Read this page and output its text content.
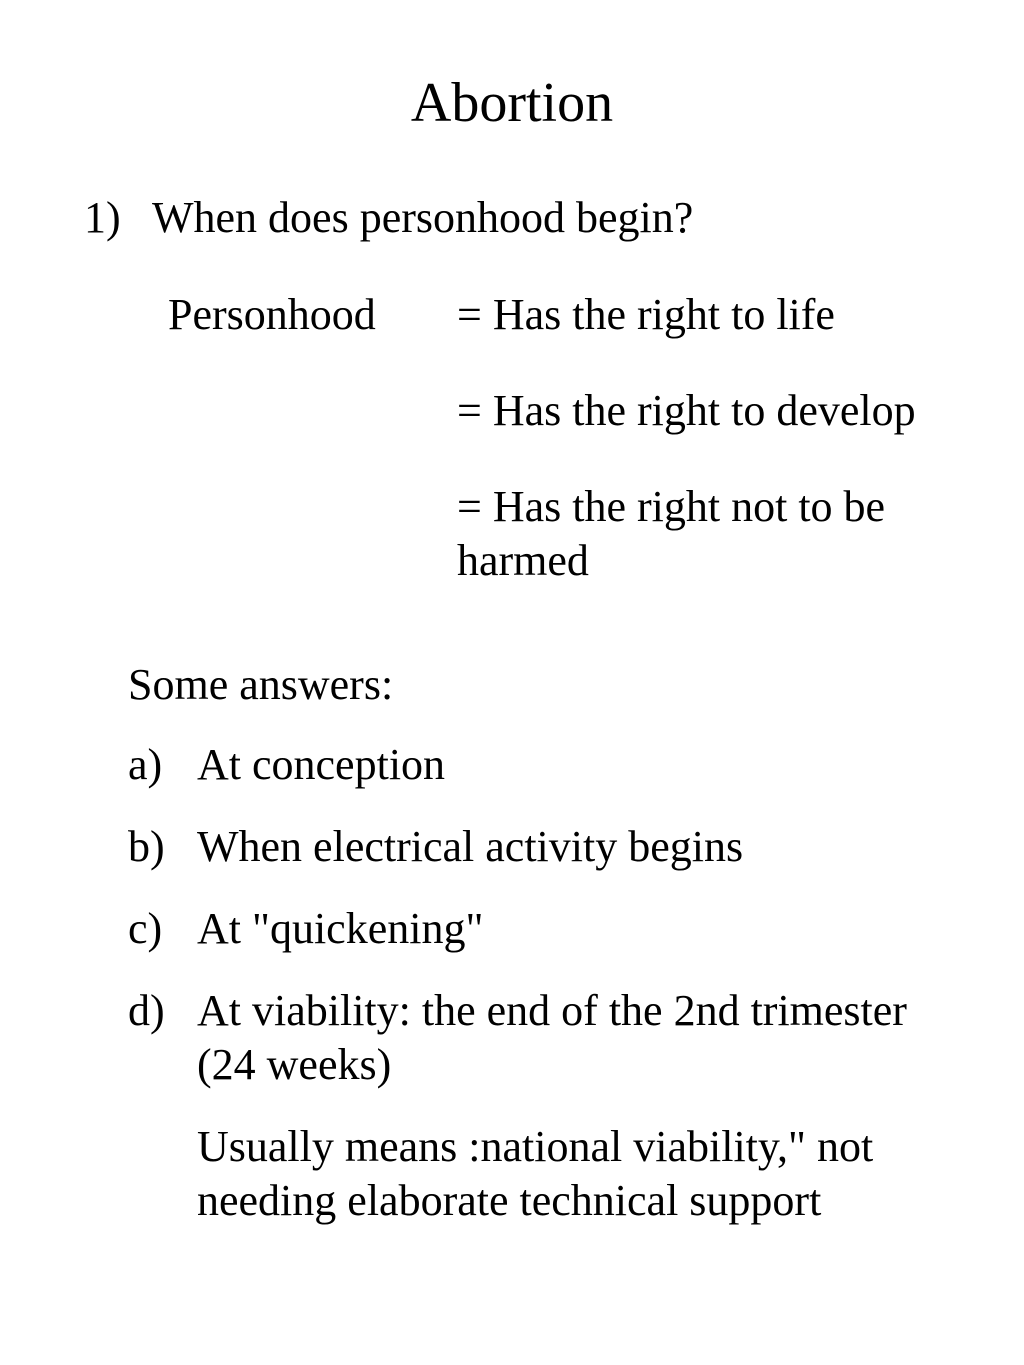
Abortion
1) When does personhood begin?
Personhood = Has the right to life
= Has the right to develop
= Has the right not to be
harmed
Some answers:
a) At conception
b) When electrical activity begins
c) At "quickening"
d) At viability: the end of the 2nd trimester
(24 weeks)
Usually means :national viability," not
needing elaborate technical support
